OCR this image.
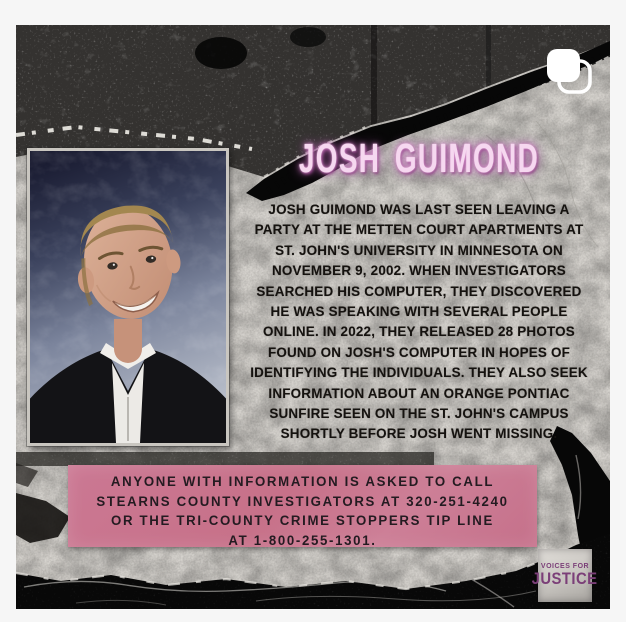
JOSH GUIMOND
JOSH GUIMOND WAS LAST SEEN LEAVING A
PARTY AT THE METTEN COURT APARTMENTS AT
ST. JOHN'S UNIVERSITY IN MINNESOTA ON
NOVEMBER 9, 2002. WHEN INVESTIGATORS
SEARCHED HIS COMPUTER, THEY DISCOVERED
HE WAS SPEAKING WITH SEVERAL PEOPLE
ONLINE. IN 2022, THEY RELEASED 28 PHOTOS
FOUND ON JOSH'S COMPUTER IN HOPES OF
IDENTIFYING THE INDIVIDUALS. THEY ALSO SEEK
INFORMATION ABOUT AN ORANGE PONTIAC
SUNFIRE SEEN ON THE ST. JOHN'S CAMPUS
SHORTLY BEFORE JOSH WENT MISSING.
ANYONE WITH INFORMATION IS ASKED TO CALL
STEARNS COUNTY INVESTIGATORS AT 320-251-4240
OR THE TRI-COUNTY CRIME STOPPERS TIP LINE
AT 1-800-255-1301.
VOICES FOR
JUSTICE
